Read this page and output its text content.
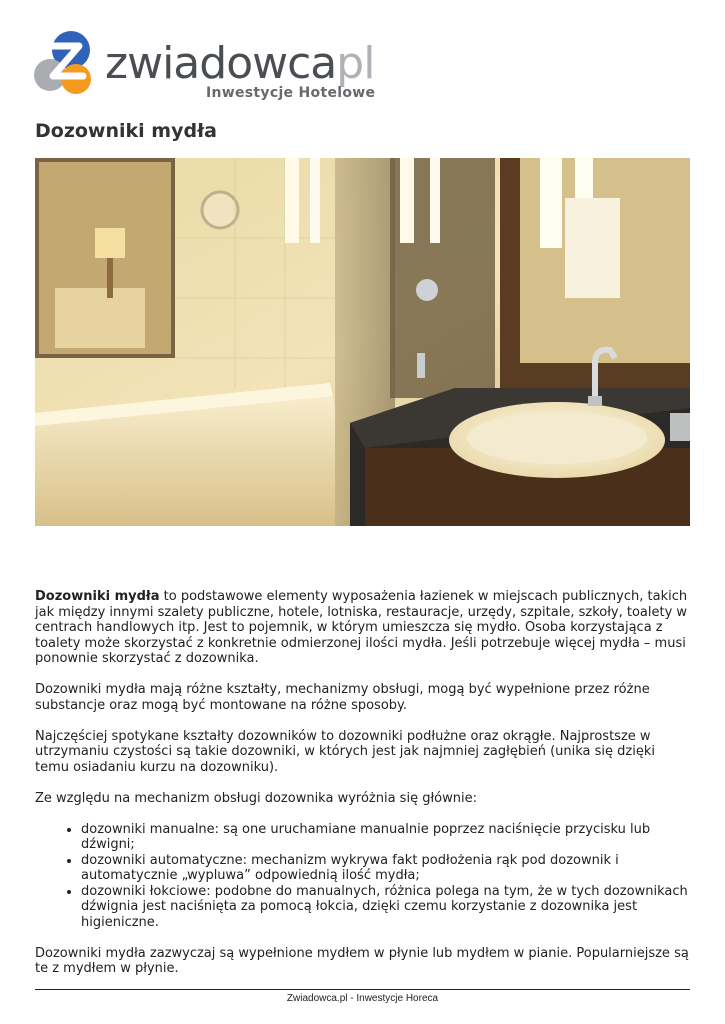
zwiadowcapl
Inwestycje Hotelowe
Dozowniki mydła

Dozowniki mydła to podstawowe elementy wyposażenia łazienek w miejscach publicznych, takich jak między innymi szalety publiczne, hotele, lotniska, restauracje, urzędy, szpitale, szkoły, toalety w centrach handlowych itp. Jest to pojemnik, w którym umieszcza się mydło. Osoba korzystająca z toalety może skorzystać z konkretnie odmierzonej ilości mydła. Jeśli potrzebuje więcej mydła – musi ponownie skorzystać z dozownika.

Dozowniki mydła mają różne kształty, mechanizmy obsługi, mogą być wypełnione przez różne substancje oraz mogą być montowane na różne sposoby.

Najczęściej spotykane kształty dozowników to dozowniki podłużne oraz okrągłe. Najprostsze w utrzymaniu czystości są takie dozowniki, w których jest jak najmniej zagłębień (unika się dzięki temu osiadaniu kurzu na dozowniku).

Ze względu na mechanizm obsługi dozownika wyróżnia się głównie:

• dozowniki manualne: są one uruchamiane manualnie poprzez naciśnięcie przycisku lub dźwigni;
• dozowniki automatyczne: mechanizm wykrywa fakt podłożenia rąk pod dozownik i automatycznie „wypluwa” odpowiednią ilość mydła;
• dozowniki łokciowe: podobne do manualnych, różnica polega na tym, że w tych dozownikach dźwignia jest naciśnięta za pomocą łokcia, dzięki czemu korzystanie z dozownika jest higieniczne.

Dozowniki mydła zazwyczaj są wypełnione mydłem w płynie lub mydłem w pianie. Popularniejsze są te z mydłem w płynie.

Zwiadowca.pl - Inwestycje Horeca
